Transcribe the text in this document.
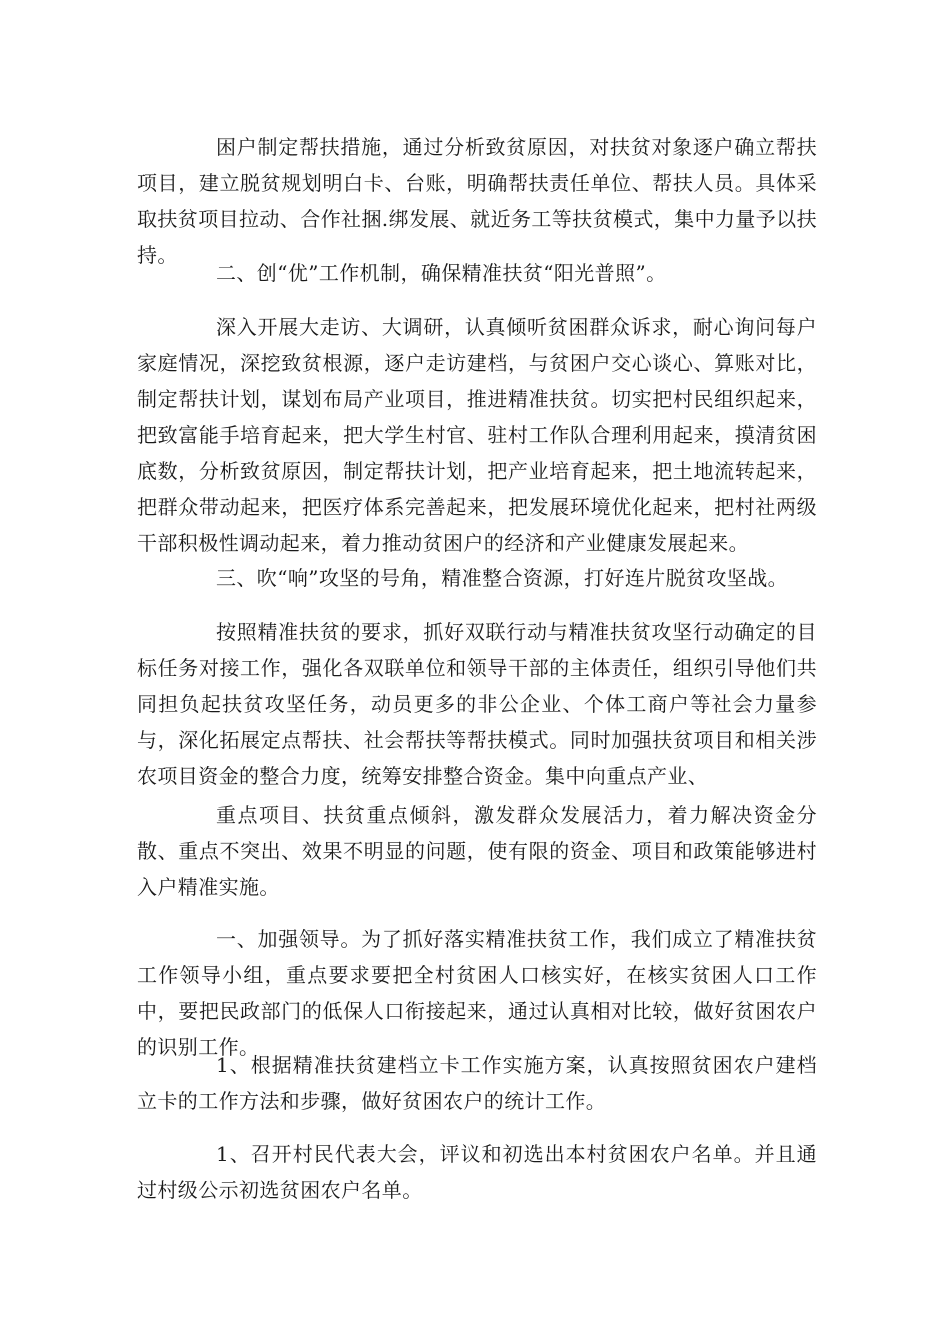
困户制定帮扶措施，通过分析致贫原因，对扶贫对象逐户确立帮扶项目，建立脱贫规划明白卡、台账，明确帮扶责任单位、帮扶人员。具体采取扶贫项目拉动、合作社捆.绑发展、就近务工等扶贫模式，集中力量予以扶持。

二、创“优”工作机制，确保精准扶贫“阳光普照”。

深入开展大走访、大调研，认真倾听贫困群众诉求，耐心询问每户家庭情况，深挖致贫根源，逐户走访建档，与贫困户交心谈心、算账对比，制定帮扶计划，谋划布局产业项目，推进精准扶贫。切实把村民组织起来，把致富能手培育起来，把大学生村官、驻村工作队合理利用起来，摸清贫困底数，分析致贫原因，制定帮扶计划，把产业培育起来，把土地流转起来，把群众带动起来，把医疗体系完善起来，把发展环境优化起来，把村社两级干部积极性调动起来，着力推动贫困户的经济和产业健康发展起来。

三、吹“响”攻坚的号角，精准整合资源，打好连片脱贫攻坚战。

按照精准扶贫的要求，抓好双联行动与精准扶贫攻坚行动确定的目标任务对接工作，强化各双联单位和领导干部的主体责任，组织引导他们共同担负起扶贫攻坚任务，动员更多的非公企业、个体工商户等社会力量参与，深化拓展定点帮扶、社会帮扶等帮扶模式。同时加强扶贫项目和相关涉农项目资金的整合力度，统筹安排整合资金。集中向重点产业、

重点项目、扶贫重点倾斜，激发群众发展活力，着力解决资金分散、重点不突出、效果不明显的问题，使有限的资金、项目和政策能够进村入户精准实施。

一、加强领导。为了抓好落实精准扶贫工作，我们成立了精准扶贫工作领导小组，重点要求要把全村贫困人口核实好，在核实贫困人口工作中，要把民政部门的低保人口衔接起来，通过认真相对比较，做好贫困农户的识别工作。

1、根据精准扶贫建档立卡工作实施方案，认真按照贫困农户建档立卡的工作方法和步骤，做好贫困农户的统计工作。

1、召开村民代表大会，评议和初选出本村贫困农户名单。并且通过村级公示初选贫困农户名单。
